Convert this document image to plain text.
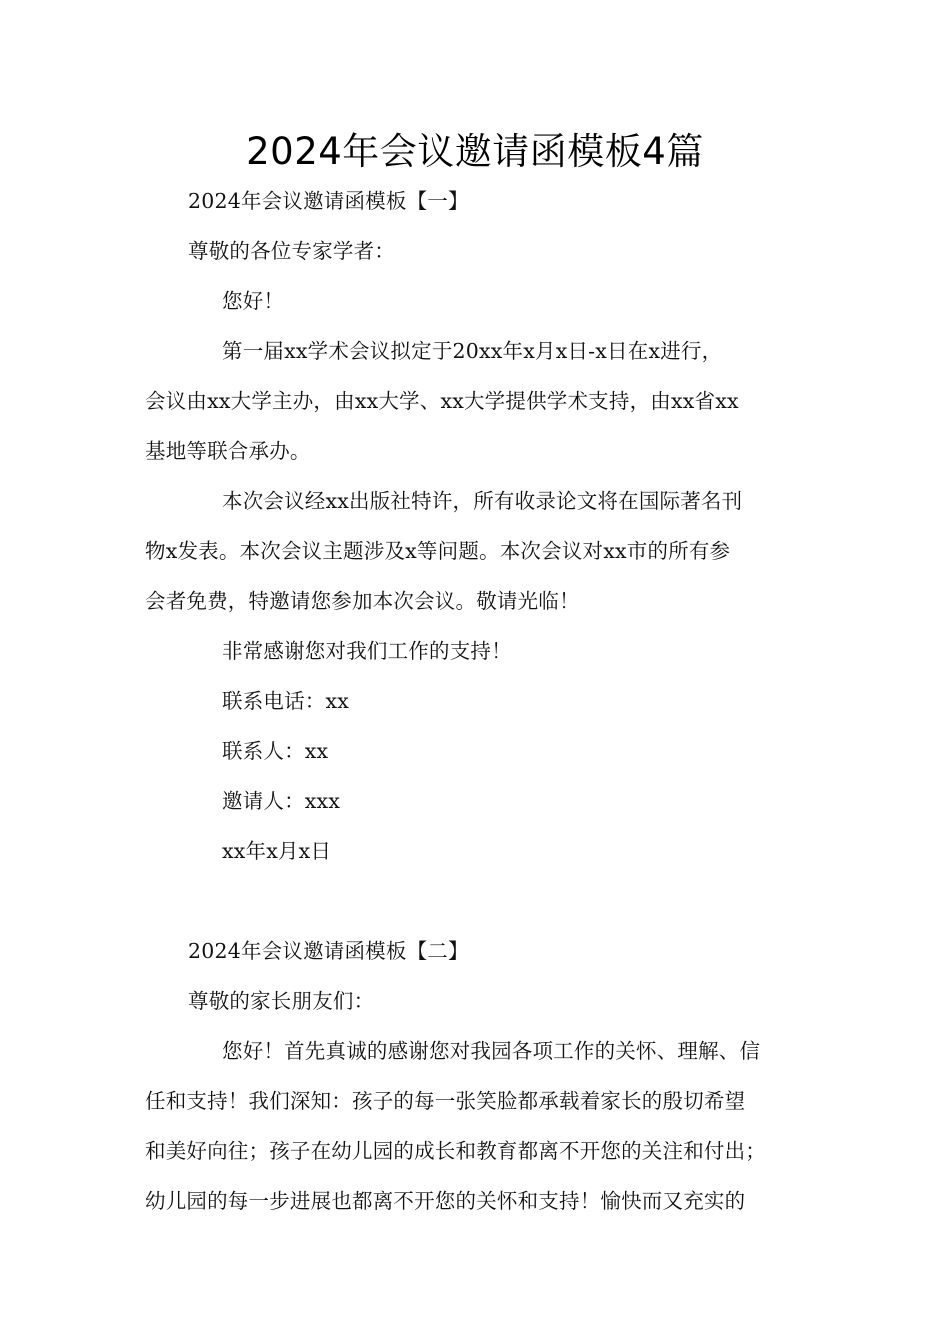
2024年会议邀请函模板4篇

2024年会议邀请函模板【一】

尊敬的各位专家学者：

您好！

第一届xx学术会议拟定于20xx年x月x日-x日在x进行，

会议由xx大学主办，由xx大学、xx大学提供学术支持，由xx省xx

基地等联合承办。

本次会议经xx出版社特许，所有收录论文将在国际著名刊

物x发表。本次会议主题涉及x等问题。本次会议对xx市的所有参

会者免费，特邀请您参加本次会议。敬请光临！

非常感谢您对我们工作的支持！

联系电话：xx

联系人：xx

邀请人：xxx

xx年x月x日

2024年会议邀请函模板【二】

尊敬的家长朋友们：

您好！首先真诚的感谢您对我园各项工作的关怀、理解、信

任和支持！我们深知：孩子的每一张笑脸都承载着家长的殷切希望

和美好向往；孩子在幼儿园的成长和教育都离不开您的关注和付出；

幼儿园的每一步进展也都离不开您的关怀和支持！愉快而又充实的
